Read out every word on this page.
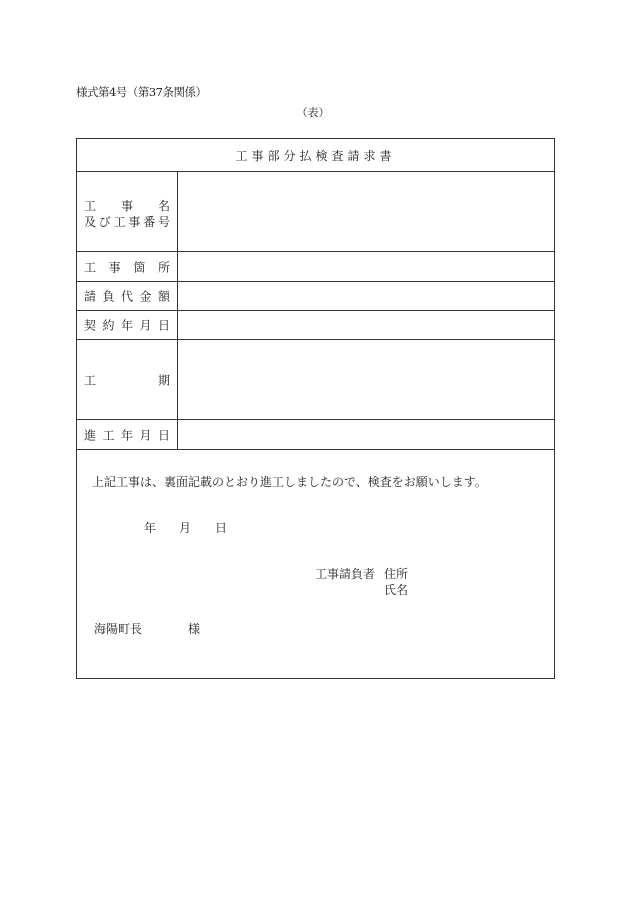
様式第4号（第37条関係）
（表）
工事部分払検査請求書
工 事 名
及 び 工 事 番 号
工 事 箇 所
請 負 代 金 額
契 約 年 月 日
工	期
進 工 年 月 日
上記工事は、裏面記載のとおり進工しましたので、検査をお願いします。
年 月 日
工事請負者 住所
氏名
海陽町長	様
